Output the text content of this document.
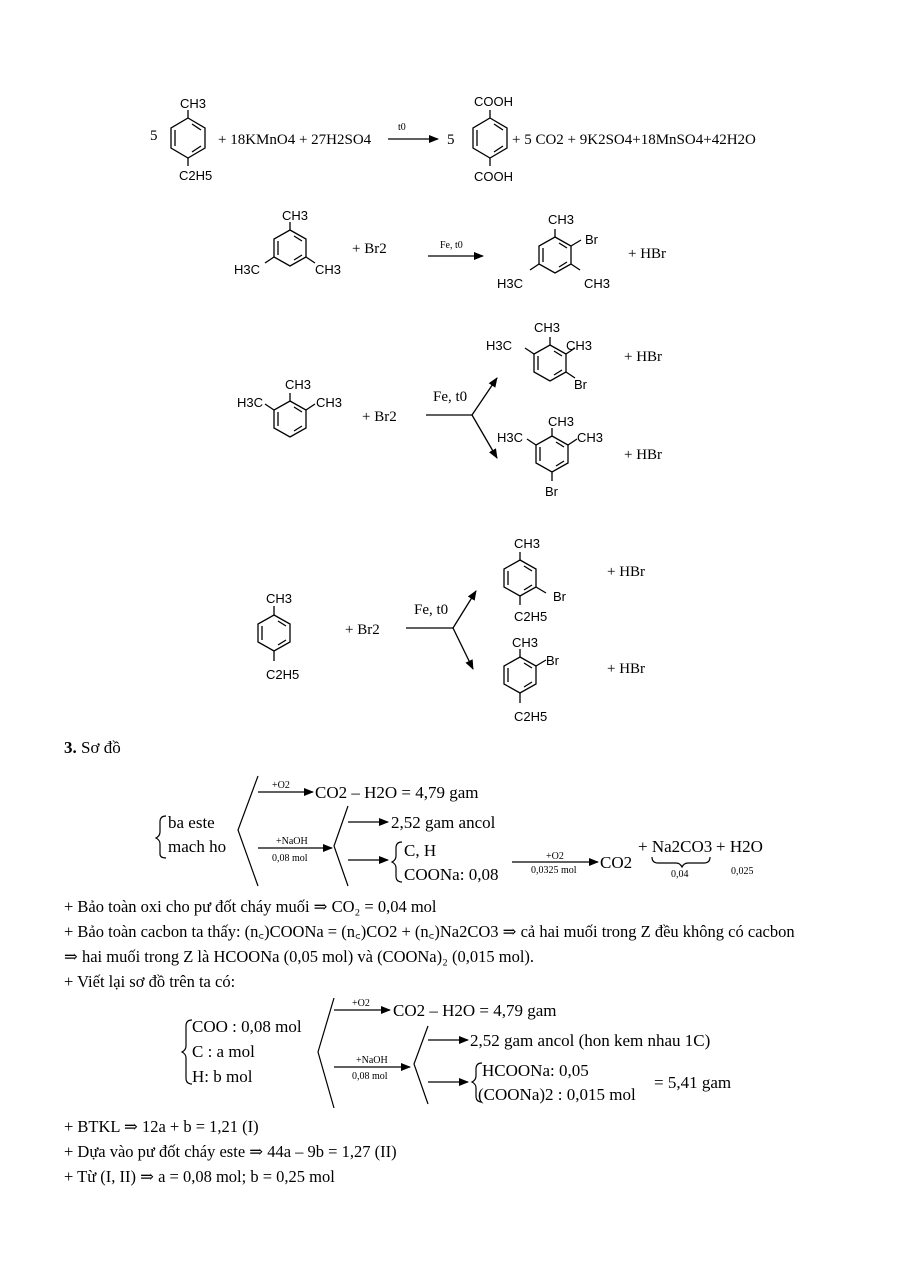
5
CH3
C2H5
+ 18KMnO4 + 27H2SO4
t0
5
COOH
COOH
+ 5 CO2 + 9K2SO4+18MnSO4+42H2O
CH3
H3C	CH3
+ Br2	Fe, t0
CH3
Br
H3C	CH3
+ HBr
CH3
H3C	CH3
+ Br2
Fe, t0
CH3
H3C	CH3
Br
+ HBr
CH3
H3C	CH3
Br
+ HBr
CH3
C2H5
+ Br2
Fe, t0
CH3
Br
C2H5
+ HBr
CH3
Br
C2H5
+ HBr
ba este
mach ho
+O2 CO2 – H2O = 4,79 gam
+NaOH
0,08 mol
2,52 gam ancol
C, H
COONa: 0,08
+O2
0,0325 mol CO2
+ Na2CO3
0,04
+ H2O
0,025
COO : 0,08 mol
C : a mol
H: b mol
+O2 CO2 – H2O = 4,79 gam
+NaOH
0,08 mol
2,52 gam ancol (hon kem nhau 1C)
HCOONa: 0,05
(COONa)2 : 0,015 mol
= 5,41 gam
3. Sơ đồ
+ Bảo toàn oxi cho pư đốt cháy muối ⇒ CO₂ = 0,04 mol
+ Bảo toàn cacbon ta thấy: (n꜀)COONa = (n꜀)CO2 + (n꜀)Na2CO3 ⇒ cả hai muối trong Z đều không có cacbon
⇒ hai muối trong Z là HCOONa (0,05 mol) và (COONa)₂ (0,015 mol).
+ Viết lại sơ đồ trên ta có:
+ BTKL ⇒ 12a + b = 1,21 (I)
+ Dựa vào pư đốt cháy este ⇒ 44a – 9b = 1,27 (II)
+ Từ (I, II) ⇒ a = 0,08 mol; b = 0,25 mol
